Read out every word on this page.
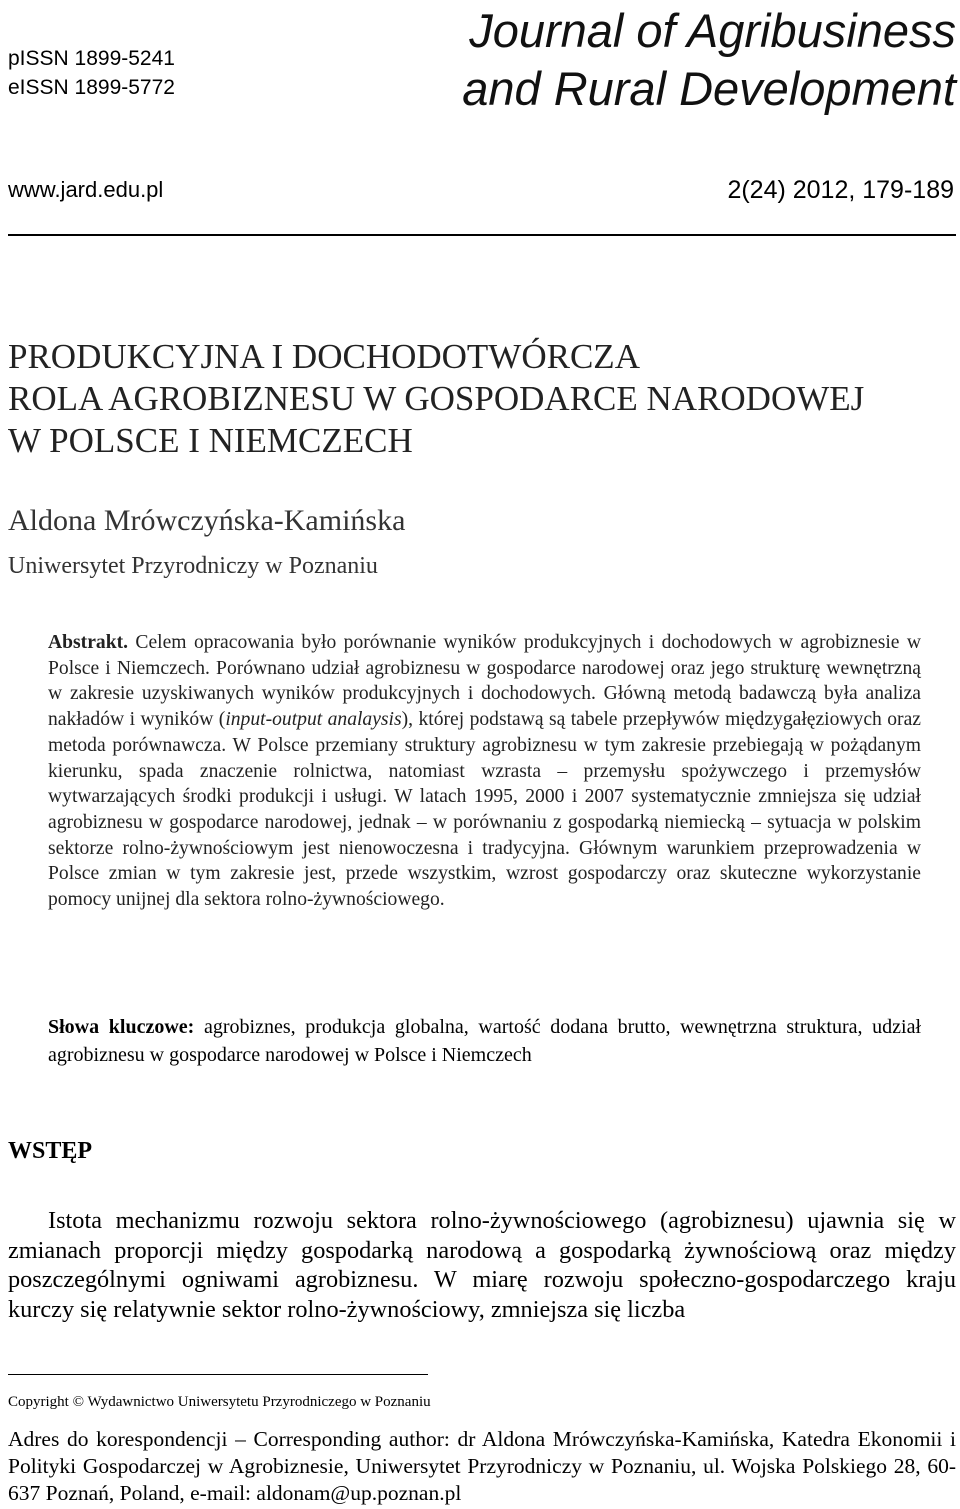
pISSN 1899-5241
eISSN 1899-5772
Journal of Agribusiness
and Rural Development
www.jard.edu.pl	2(24) 2012, 179-189
PRODUKCYJNA I DOCHODOTWÓRCZA
ROLA AGROBIZNESU W GOSPODARCE NARODOWEJ
W POLSCE I NIEMCZECH
Aldona Mrówczyńska-Kamińska
Uniwersytet Przyrodniczy w Poznaniu
Abstrakt. Celem opracowania było porównanie wyników produkcyjnych i dochodowych w agrobiznesie w Polsce i Niemczech. Porównano udział agrobiznesu w gospodarce narodowej oraz jego strukturę wewnętrzną w zakresie uzyskiwanych wyników produkcyjnych i dochodowych. Główną metodą badawczą była analiza nakładów i wyników (input-output analaysis), której podstawą są tabele przepływów międzygałęziowych oraz metoda porównawcza. W Polsce przemiany struktury agrobiznesu w tym zakresie przebiegają w pożądanym kierunku, spada znaczenie rolnictwa, natomiast wzrasta – przemysłu spożywczego i przemysłów wytwarzających środki produkcji i usługi. W latach 1995, 2000 i 2007 systematycznie zmniejsza się udział agrobiznesu w gospodarce narodowej, jednak – w porównaniu z gospodarką niemiecką – sytuacja w polskim sektorze rolno-żywnościowym jest nienowoczesna i tradycyjna. Głównym warunkiem przeprowadzenia w Polsce zmian w tym zakresie jest, przede wszystkim, wzrost gospodarczy oraz skuteczne wykorzystanie pomocy unijnej dla sektora rolno-żywnościowego.
Słowa kluczowe: agrobiznes, produkcja globalna, wartość dodana brutto, wewnętrzna struktura, udział agrobiznesu w gospodarce narodowej w Polsce i Niemczech
WSTĘP
Istota mechanizmu rozwoju sektora rolno-żywnościowego (agrobiznesu) ujawnia się w zmianach proporcji między gospodarką narodową a gospodarką żywnościową oraz między poszczególnymi ogniwami agrobiznesu. W miarę rozwoju społeczno-gospodarczego kraju kurczy się relatywnie sektor rolno-żywnościowy, zmniejsza się liczba
Copyright © Wydawnictwo Uniwersytetu Przyrodniczego w Poznaniu
Adres do korespondencji – Corresponding author: dr Aldona Mrówczyńska-Kamińska, Katedra Ekonomii i Polityki Gospodarczej w Agrobiznesie, Uniwersytet Przyrodniczy w Poznaniu, ul. Wojska Polskiego 28, 60-637 Poznań, Poland, e-mail: aldonam@up.poznan.pl
